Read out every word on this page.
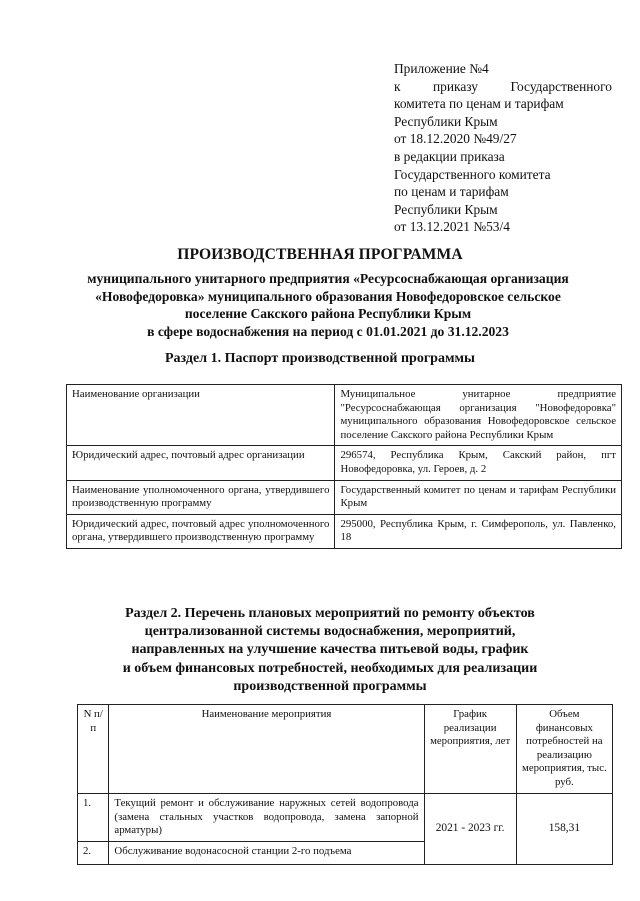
Приложение №4
к приказу Государственного
комитета по ценам и тарифам
Республики Крым
от 18.12.2020 №49/27
в редакции приказа
Государственного комитета
по ценам и тарифам
Республики Крым
от 13.12.2021 №53/4
ПРОИЗВОДСТВЕННАЯ ПРОГРАММА
муниципального унитарного предприятия «Ресурсоснабжающая организация
«Новофедоровка» муниципального образования Новофедоровское сельское
поселение Сакского района Республики Крым
в сфере водоснабжения на период с 01.01.2021 до 31.12.2023
Раздел 1. Паспорт производственной программы
Наименование организации	Муниципальное унитарное предприятие "Ресурсоснабжающая организация "Новофедоровка" муниципального образования Новофедоровское сельское поселение Сакского района Республики Крым
Юридический адрес, почтовый адрес организации	296574, Республика Крым, Сакский район, пгт Новофедоровка, ул. Героев, д. 2
Наименование уполномоченного органа, утвердившего производственную программу	Государственный комитет по ценам и тарифам Республики Крым
Юридический адрес, почтовый адрес уполномоченного органа, утвердившего производственную программу	295000, Республика Крым, г. Симферополь, ул. Павленко, 18
Раздел 2. Перечень плановых мероприятий по ремонту объектов
централизованной системы водоснабжения, мероприятий,
направленных на улучшение качества питьевой воды, график
и объем финансовых потребностей, необходимых для реализации
производственной программы
N п/п	Наименование мероприятия	График реализации мероприятия, лет	Объем финансовых потребностей на реализацию мероприятия, тыс. руб.
1.	Текущий ремонт и обслуживание наружных сетей водопровода (замена стальных участков водопровода, замена запорной арматуры)	2021 - 2023 гг.	158,31
2.	Обслуживание водонасосной станции 2-го подъема		
